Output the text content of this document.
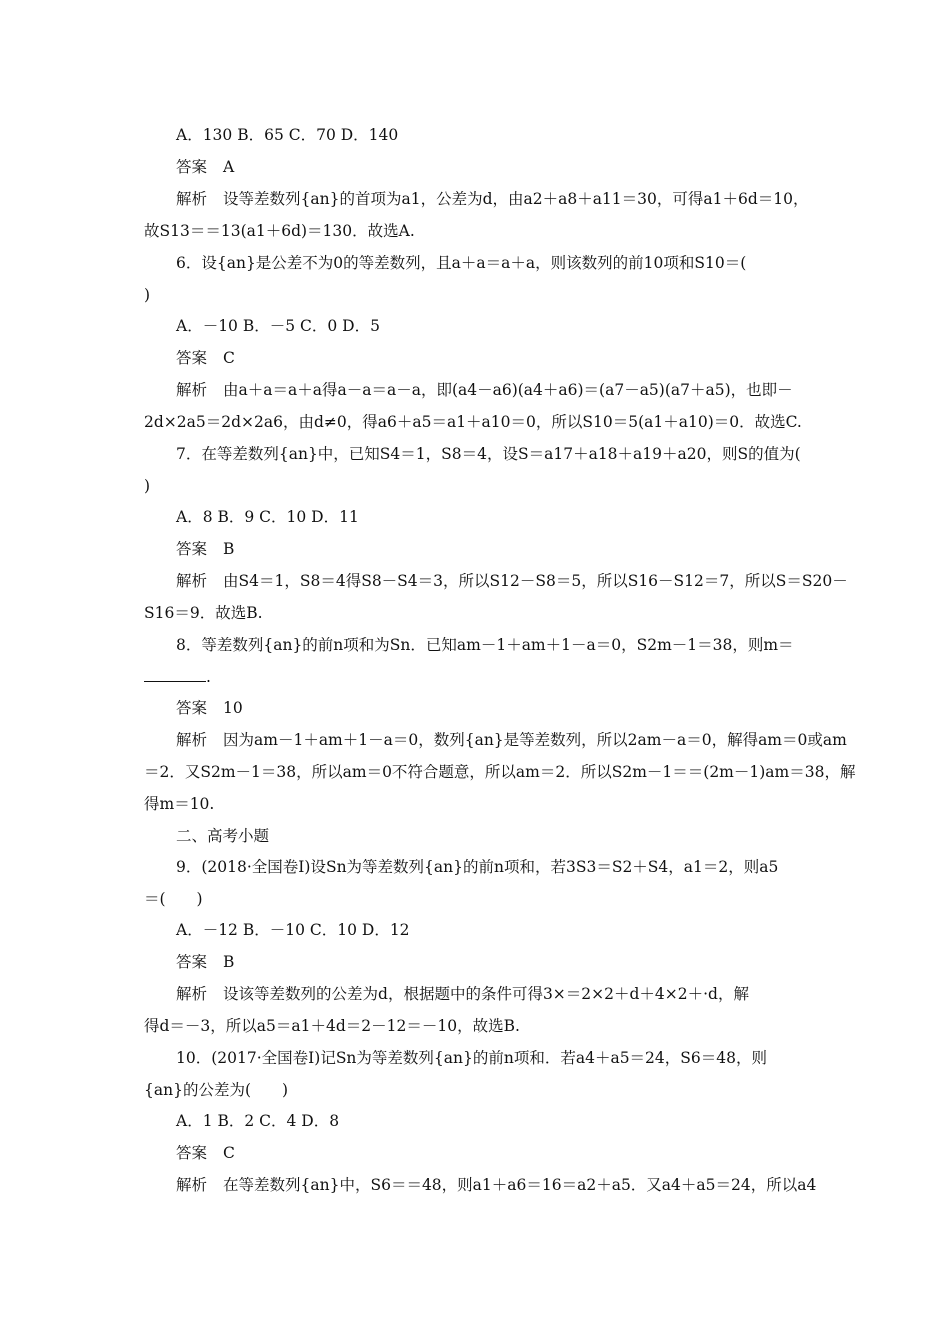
A．130 B．65 C．70 D．140
答案 A
解析 设等差数列{an}的首项为a1，公差为d，由a2＋a8＋a11＝30，可得a1＋6d＝10，
故S13＝＝13(a1＋6d)＝130．故选A.
6．设{an}是公差不为0的等差数列，且a＋a＝a＋a，则该数列的前10项和S10＝(
)
A．－10 B．－5 C．0 D．5
答案 C
解析 由a＋a＝a＋a得a－a＝a－a，即(a4－a6)(a4＋a6)＝(a7－a5)(a7＋a5)，也即－
2d×2a5＝2d×2a6，由d≠0，得a6＋a5＝a1＋a10＝0，所以S10＝5(a1＋a10)＝0．故选C.
7．在等差数列{an}中，已知S4＝1，S8＝4，设S＝a17＋a18＋a19＋a20，则S的值为(
)
A．8 B．9 C．10 D．11
答案 B
解析 由S4＝1，S8＝4得S8－S4＝3，所以S12－S8＝5，所以S16－S12＝7，所以S＝S20－
S16＝9．故选B.
8．等差数列{an}的前n项和为Sn．已知am－1＋am＋1－a＝0，S2m－1＝38，则m＝
.
答案 10
解析 因为am－1＋am＋1－a＝0，数列{an}是等差数列，所以2am－a＝0，解得am＝0或am
＝2．又S2m－1＝38，所以am＝0不符合题意，所以am＝2．所以S2m－1＝＝(2m－1)am＝38，解
得m＝10.
二、高考小题
9．(2018·全国卷Ⅰ)设Sn为等差数列{an}的前n项和，若3S3＝S2＋S4，a1＝2，则a5
＝(　　)
A．－12 B．－10 C．10 D．12
答案 B
解析 设该等差数列的公差为d，根据题中的条件可得3×＝2×2＋d＋4×2＋·d，解
得d＝－3，所以a5＝a1＋4d＝2－12＝－10，故选B.
10．(2017·全国卷Ⅰ)记Sn为等差数列{an}的前n项和．若a4＋a5＝24，S6＝48，则
{an}的公差为(　　)
A．1 B．2 C．4 D．8
答案 C
解析 在等差数列{an}中，S6＝＝48，则a1＋a6＝16＝a2＋a5．又a4＋a5＝24，所以a4
